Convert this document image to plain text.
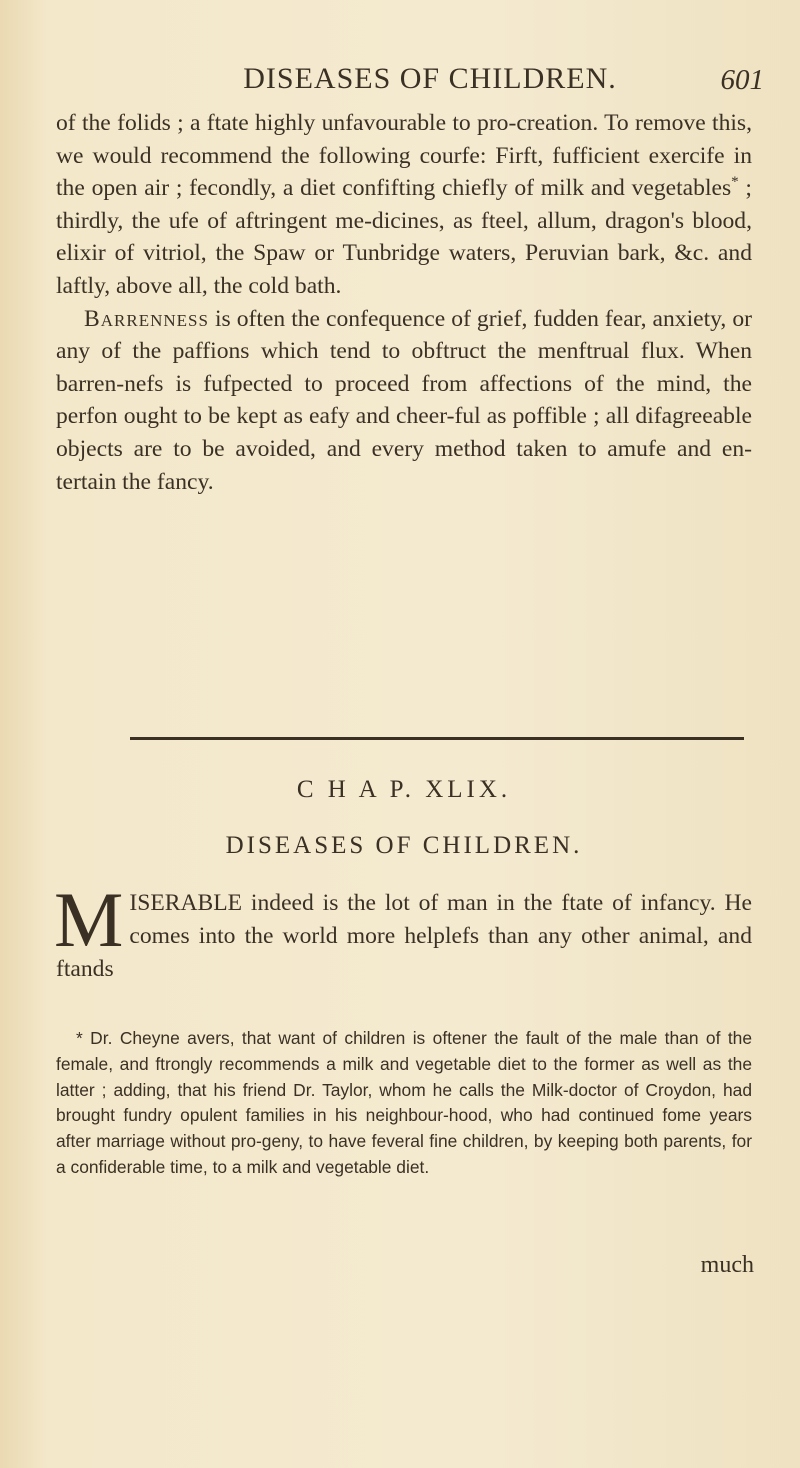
DISEASES OF CHILDREN.	601

of the folids ; a ftate highly unfavourable to pro-creation. To remove this, we would recommend the following courfe: Firft, fufficient exercife in the open air ; fecondly, a diet confifting chiefly of milk and vegetables* ; thirdly, the ufe of aftringent me-dicines, as fteel, allum, dragon's blood, elixir of vitriol, the Spaw or Tunbridge waters, Peruvian bark, &c. and laftly, above all, the cold bath.

Barrenness is often the confequence of grief, fudden fear, anxiety, or any of the paffions which tend to obftruct the menftrual flux. When barren-nefs is fufpected to proceed from affections of the mind, the perfon ought to be kept as eafy and cheer-ful as poffible ; all difagreeable objects are to be avoided, and every method taken to amufe and en-tertain the fancy.

C H A P. XLIX.
DISEASES OF CHILDREN.
M ISERABLE indeed is the lot of man in the ftate of infancy. He comes into the world more helplefs than any other animal, and ftands

* Dr. Cheyne avers, that want of children is oftener the fault of the male than of the female, and ftrongly recommends a milk and vegetable diet to the former as well as the latter ; adding, that his friend Dr. Taylor, whom he calls the Milk-doctor of Croydon, had brought fundry opulent families in his neighbour-hood, who had continued fome years after marriage without pro-geny, to have feveral fine children, by keeping both parents, for a confiderable time, to a milk and vegetable diet.

much
